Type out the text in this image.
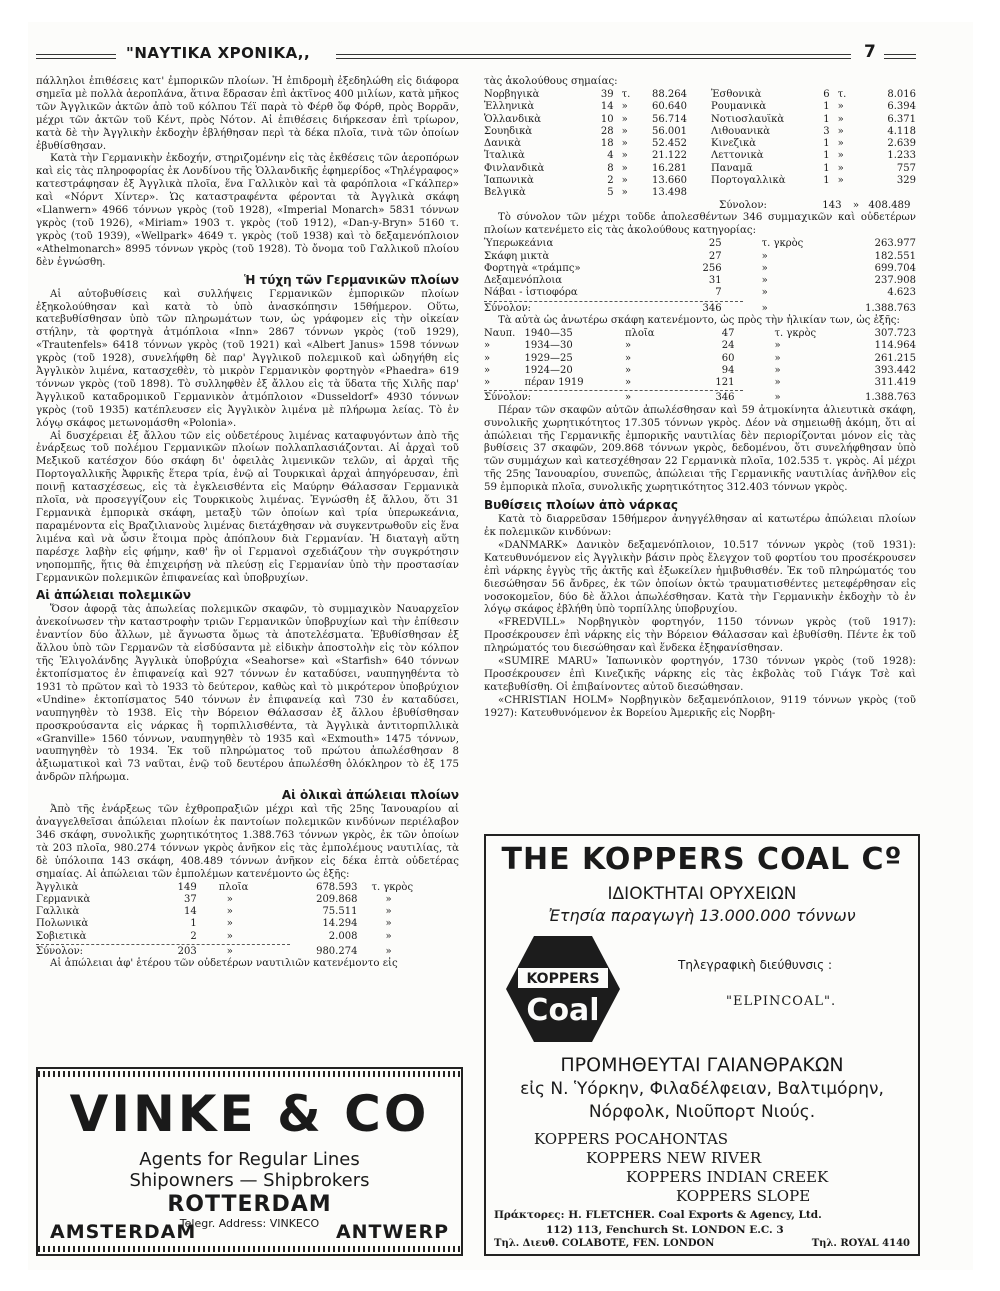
"ΝΑΥΤΙΚΑ ΧΡΟΝΙΚΑ,,	7

πάλληλοι ἐπιθέσεις κατ' ἐμπορικῶν πλοίων. Ἡ ἐπιδρομὴ ἐξεδηλώθη εἰς διάφορα σημεῖα μὲ πολλὰ ἀεροπλάνα, ἅτινα ἔδρασαν ἐπὶ ἀκτῖνος 400 μιλίων, κατὰ μῆκος τῶν Ἀγγλικῶν ἀκτῶν ἀπὸ τοῦ κόλπου Τέϊ παρὰ τὸ Φέρθ ὅφ Φόρθ, πρὸς Βορρᾶν, μέχρι τῶν ἀκτῶν τοῦ Κέντ, πρὸς Νότον. Αἱ ἐπιθέσεις διήρκεσαν ἐπὶ τρίωρον, κατὰ δὲ τὴν Ἀγγλικὴν ἐκδοχὴν ἐβλήθησαν περὶ τὰ δέκα πλοῖα, τινὰ τῶν ὁποίων ἐβυθίσθησαν.

Κατὰ τὴν Γερμανικὴν ἐκδοχήν, στηριζομένην εἰς τὰς ἐκθέσεις τῶν ἀεροπόρων καὶ εἰς τὰς πληροφορίας ἐκ Λονδίνου τῆς Ὁλλανδικῆς ἐφημερίδος «Τηλέγραφος» κατεστράφησαν ἐξ Ἀγγλικὰ πλοῖα, ἕνα Γαλλικὸν καὶ τὰ φαρόπλοια «Γκάλπερ» καὶ «Νόρντ Χίντερ». Ὡς καταστραφέντα φέρονται τὰ Ἀγγλικὰ σκάφη «Llanwern» 4966 τόννων γκρὸς (τοῦ 1928), «Imperial Monarch» 5831 τόννων γκρὸς (τοῦ 1926), «Miriam» 1903 τ. γκρὸς (τοῦ 1912), «Dan-y-Bryn» 5160 τ. γκρὸς (τοῦ 1939), «Wellpark» 4649 τ. γκρὸς (τοῦ 1938) καὶ τὸ δεξαμενόπλοιον «Athelmonarch» 8995 τόννων γκρὸς (τοῦ 1928). Τὸ ὄνομα τοῦ Γαλλικοῦ πλοίου δὲν ἐγνώσθη.

Ἡ τύχη τῶν Γερμανικῶν πλοίων

Αἱ αὐτοβυθίσεις καὶ συλλήψεις Γερμανικῶν ἐμπορικῶν πλοίων ἐξηκολούθησαν καὶ κατὰ τὸ ὑπὸ ἀνασκόπησιν 15θήμερον. Οὕτω, κατεβυθίσθησαν ὑπὸ τῶν πληρωμάτων των, ὡς γράφομεν εἰς τὴν οἰκείαν στήλην, τὰ φορτηγὰ ἀτμόπλοια «Inn» 2867 τόννων γκρὸς (τοῦ 1929), «Trautenfels» 6418 τόννων γκρὸς (τοῦ 1921) καὶ «Albert Janus» 1598 τόννων γκρὸς (τοῦ 1928), συνελήφθη δὲ παρ' Ἀγγλικοῦ πολεμικοῦ καὶ ὡδηγήθη εἰς Ἀγγλικὸν λιμένα, κατασχεθὲν, τὸ μικρὸν Γερμανικὸν φορτηγὸν «Phaedra» 619 τόννων γκρὸς (τοῦ 1898). Τὸ συλληφθὲν ἐξ ἄλλου εἰς τὰ ὕδατα τῆς Χιλῆς παρ' Ἀγγλικοῦ καταδρομικοῦ Γερμανικὸν ἀτμόπλοιον «Dusseldorf» 4930 τόννων γκρὸς (τοῦ 1935) κατέπλευσεν εἰς Ἀγγλικὸν λιμένα μὲ πλήρωμα λείας. Τὸ ἐν λόγῳ σκάφος μετωνομάσθη «Polonia».

Αἱ δυσχέρειαι ἐξ ἄλλου τῶν εἰς οὐδετέρους λιμένας καταφυγόντων ἀπὸ τῆς ἐνάρξεως τοῦ πολέμου Γερμανικῶν πλοίων πολλαπλασιάζονται. Αἱ ἀρχαὶ τοῦ Μεξικοῦ κατέσχον δύο σκάφη δι' ὀφειλὰς λιμενικῶν τελῶν, αἱ ἀρχαὶ τῆς Πορτογαλλικῆς Ἀφρικῆς ἕτερα τρία, ἐνῷ αἱ Τουρκικαὶ ἀρχαὶ ἀπηγόρευσαν, ἐπὶ ποινῇ κατασχέσεως, εἰς τὰ ἐγκλεισθέντα εἰς Μαύρην Θάλασσαν Γερμανικὰ πλοῖα, νὰ προσεγγίζουν εἰς Τουρκικοὺς λιμένας. Ἐγνώσθη ἐξ ἄλλου, ὅτι 31 Γερμανικὰ ἐμπορικὰ σκάφη, μεταξὺ τῶν ὁποίων καὶ τρία ὑπερωκεάνια, παραμένοντα εἰς Βραζιλιανοὺς λιμένας διετάχθησαν νὰ συγκεντρωθοῦν εἰς ἕνα λιμένα καὶ νὰ ὦσιν ἕτοιμα πρὸς ἀπόπλουν διὰ Γερμανίαν. Ἡ διαταγὴ αὕτη παρέσχε λαβὴν εἰς φήμην, καθ' ἣν οἱ Γερμανοὶ σχεδιάζουν τὴν συγκρότησιν νηοπομπῆς, ἥτις θὰ ἐπιχειρήσῃ νὰ πλεύσῃ εἰς Γερμανίαν ὑπὸ τὴν προστασίαν Γερμανικῶν πολεμικῶν ἐπιφανείας καὶ ὑποβρυχίων.

Αἱ ἀπώλειαι πολεμικῶν

Ὅσον ἀφορᾷ τὰς ἀπωλείας πολεμικῶν σκαφῶν, τὸ συμμαχικὸν Ναυαρχεῖον ἀνεκοίνωσεν τὴν καταστροφὴν τριῶν Γερμανικῶν ὑποβρυχίων καὶ τὴν ἐπίθεσιν ἐναντίον δύο ἄλλων, μὲ ἄγνωστα ὅμως τὰ ἀποτελέσματα. Ἐβυθίσθησαν ἐξ ἄλλου ὑπὸ τῶν Γερμανῶν τὰ εἰσδύσαντα μὲ εἰδικὴν ἀποστολὴν εἰς τὸν κόλπον τῆς Ἑλιγολάνδης Ἀγγλικὰ ὑποβρύχια «Seahorse» καὶ «Starfish» 640 τόννων ἐκτοπίσματος ἐν ἐπιφανείᾳ καὶ 927 τόννων ἐν καταδύσει, ναυπηγηθέντα τὸ 1931 τὸ πρῶτον καὶ τὸ 1933 τὸ δεύτερον, καθὼς καὶ τὸ μικρότερον ὑποβρύχιον «Undine» ἐκτοπίσματος 540 τόννων ἐν ἐπιφανείᾳ καὶ 730 ἐν καταδύσει, ναυπηγηθὲν τὸ 1938. Εἰς τὴν Βόρειον Θάλασσαν ἐξ ἄλλου ἐβυθίσθησαν προσκρούσαντα εἰς νάρκας ἢ τορπιλλισθέντα, τὰ Ἀγγλικὰ ἀντιτορπιλλικὰ «Granville» 1560 τόννων, ναυπηγηθὲν τὸ 1935 καὶ «Exmouth» 1475 τόννων, ναυπηγηθὲν τὸ 1934. Ἐκ τοῦ πληρώματος τοῦ πρώτου ἀπωλέσθησαν 8 ἀξιωματικοὶ καὶ 73 ναῦται, ἐνῷ τοῦ δευτέρου ἀπωλέσθη ὁλόκληρον τὸ ἐξ 175 ἀνδρῶν πλήρωμα.

Αἱ ὁλικαὶ ἀπώλειαι πλοίων

Ἀπὸ τῆς ἐνάρξεως τῶν ἐχθροπραξιῶν μέχρι καὶ τῆς 25ης Ἰανουαρίου αἱ ἀναγγελθεῖσαι ἀπώλειαι πλοίων ἐκ παντοίων πολεμικῶν κινδύνων περιέλαβον 346 σκάφη, συνολικῆς χωρητικότητος 1.388.763 τόννων γκρὸς, ἐκ τῶν ὁποίων τὰ 203 πλοῖα, 980.274 τόννων γκρὸς ἀνῆκον εἰς τὰς ἐμπολέμους ναυτιλίας, τὰ δὲ ὑπόλοιπα 143 σκάφη, 408.489 τόννων ἀνῆκον εἰς δέκα ἑπτὰ οὐδετέρας σημαίας. Αἱ ἀπώλειαι τῶν ἐμπολέμων κατενέμοντο ὡς ἑξῆς:

Ἀγγλικὰ	149	πλοῖα	678.593	τ. γκρὸς
Γερμανικὰ	37	»	209.868	»
Γαλλικὰ	14	»	75.511	»
Πολωνικὰ	1	»	14.294	»
Σοβιετικὰ	2	»	2.008	»

Σύνολον:	203	»	980.274	»

Αἱ ἀπώλειαι ἀφ' ἑτέρου τῶν οὐδετέρων ναυτιλιῶν κατενέμοντο εἰς

VINKE & CO
Agents for Regular Lines
Shipowners — Shipbrokers
ROTTERDAM
Telegr. Address: VINKECO
AMSTERDAM	ANTWERP

τὰς ἀκολούθους σημαίας:

Νορβηγικὰ	39	τ.	88.264	Ἐσθονικὰ	6	τ.	8.016
Ἑλληνικὰ	14	»	60.640	Ρουμανικὰ	1	»	6.394
Ὁλλανδικὰ	10	»	56.714	Νοτιοσλαυϊκὰ	1	»	6.371
Σουηδικὰ	28	»	56.001	Λιθουανικὰ	3	»	4.118
Δανικὰ	18	»	52.452	Κινεζικὰ	1	»	2.639
Ἰταλικὰ	4	»	21.122	Λεττονικὰ	1	»	1.233
Φινλανδικὰ	8	»	16.281	Παναμᾶ	1	»	757
Ἰαπωνικὰ	2	»	13.660	Πορτογαλλικὰ	1	»	329
Βελγικὰ	5	»	13.498				
Σύνολον:	143 » 408.489

Τὸ σύνολον τῶν μέχρι τοῦδε ἀπολεσθέντων 346 συμμαχικῶν καὶ οὐδετέρων πλοίων κατενέμετο εἰς τὰς ἀκολούθους κατηγορίας:

Ὑπερωκεάνια	25	τ. γκρὸς	263.977
Σκάφη μικτὰ	27	»	182.551
Φορτηγὰ «τράμπς»	256	»	699.704
Δεξαμενόπλοια	31	»	237.908
Νάβαι - ἱστιοφόρα	7	»	4.623
Σύνολον:	346	»	1.388.763

Τὰ αὐτὰ ὡς ἀνωτέρω σκάφη κατενέμοντο, ὡς πρὸς τὴν ἡλικίαν των, ὡς ἑξῆς:

Ναυπ.	1940—35	πλοῖα	47	τ. γκρὸς	307.723
»	1934—30	»	24	»	114.964
»	1929—25	»	60	»	261.215
»	1924—20	»	94	»	393.442
»	πέραν 1919	»	121	»	311.419
Σύνολον:	»	346	»	1.388.763

Πέραν τῶν σκαφῶν αὐτῶν ἀπωλέσθησαν καὶ 59 ἀτμοκίνητα ἁλιευτικὰ σκάφη, συνολικῆς χωρητικότητος 17.305 τόννων γκρὸς. Δέον νὰ σημειωθῇ ἀκόμη, ὅτι αἱ ἀπώλειαι τῆς Γερμανικῆς ἐμπορικῆς ναυτιλίας δὲν περιορίζονται μόνον εἰς τὰς βυθίσεις 37 σκαφῶν, 209.868 τόννων γκρὸς, δεδομένου, ὅτι συνελήφθησαν ὑπὸ τῶν συμμάχων καὶ κατεσχέθησαν 22 Γερμανικὰ πλοῖα, 102.535 τ. γκρὸς. Αἱ μέχρι τῆς 25ης Ἰανουαρίου, συνεπῶς, ἀπώλειαι τῆς Γερμανικῆς ναυτιλίας ἀνῆλθον εἰς 59 ἐμπορικὰ πλοῖα, συνολικῆς χωρητικότητος 312.403 τόννων γκρὸς.

Βυθίσεις πλοίων ἀπὸ νάρκας

Κατὰ τὸ διαρρεῦσαν 15θήμερον ἀνηγγέλθησαν αἱ κατωτέρω ἀπώλειαι πλοίων ἐκ πολεμικῶν κινδύνων:

«DANMARK» Δανικὸν δεξαμενόπλοιον, 10.517 τόννων γκρὸς (τοῦ 1931): Κατευθυνόμενον εἰς Ἀγγλικὴν βάσιν πρὸς ἔλεγχον τοῦ φορτίου του προσέκρουσεν ἐπὶ νάρκης ἐγγὺς τῆς ἀκτῆς καὶ ἐξωκείλεν ἡμιβυθισθέν. Ἐκ τοῦ πληρώματός του διεσώθησαν 56 ἄνδρες, ἐκ τῶν ὁποίων ὀκτὼ τραυματισθέντες μετεφέρθησαν εἰς νοσοκομεῖον, δύο δὲ ἄλλοι ἀπωλέσθησαν. Κατὰ τὴν Γερμανικὴν ἐκδοχὴν τὸ ἐν λόγῳ σκάφος ἐβλήθη ὑπὸ τορπίλλης ὑποβρυχίου.

«FREDVILL» Νορβηγικὸν φορτηγόν, 1150 τόννων γκρὸς (τοῦ 1917): Προσέκρουσεν ἐπὶ νάρκης εἰς τὴν Βόρειον Θάλασσαν καὶ ἐβυθίσθη. Πέντε ἐκ τοῦ πληρώματός του διεσώθησαν καὶ ἕνδεκα ἐξηφανίσθησαν.

«SUMIRE MARU» Ἰαπωνικὸν φορτηγόν, 1730 τόννων γκρὸς (τοῦ 1928): Προσέκρουσεν ἐπὶ Κινεζικῆς νάρκης εἰς τὰς ἐκβολὰς τοῦ Γιάγκ Τσὲ καὶ κατεβυθίσθη. Οἱ ἐπιβαίνοντες αὐτοῦ διεσώθησαν.

«CHRISTIAN HOLM» Νορβηγικὸν δεξαμενόπλοιον, 9119 τόννων γκρὸς (τοῦ 1927): Κατευθυνόμενον ἐκ Βορείου Ἀμερικῆς εἰς Νορβη-

THE KOPPERS COAL Cº
ΙΔΙΟΚΤΗΤΑΙ ΟΡΥΧΕΙΩΝ
Ἐτησία παραγωγὴ 13.000.000 τόννων
KOPPERS
Coal
Τηλεγραφικὴ διεύθυνσις :
"ELPINCOAL".
ΠΡΟΜΗΘΕΥΤΑΙ ΓΑΙΑΝΘΡΑΚΩΝ
εἰς Ν. Ὑόρκην, Φιλαδέλφειαν, Βαλτιμόρην,
Νόρφολκ, Νιοῦπορτ Νιούς.
KOPPERS POCAHONTAS
KOPPERS NEW RIVER
KOPPERS INDIAN CREEK
KOPPERS SLOPE
Πράκτορες: H. FLETCHER. Coal Exports & Agency, Ltd.
112) 113, Fenchurch St. LONDON E.C. 3
Τηλ. Διευθ. COLABOTE, FEN. LONDON	Τηλ. ROYAL 4140
